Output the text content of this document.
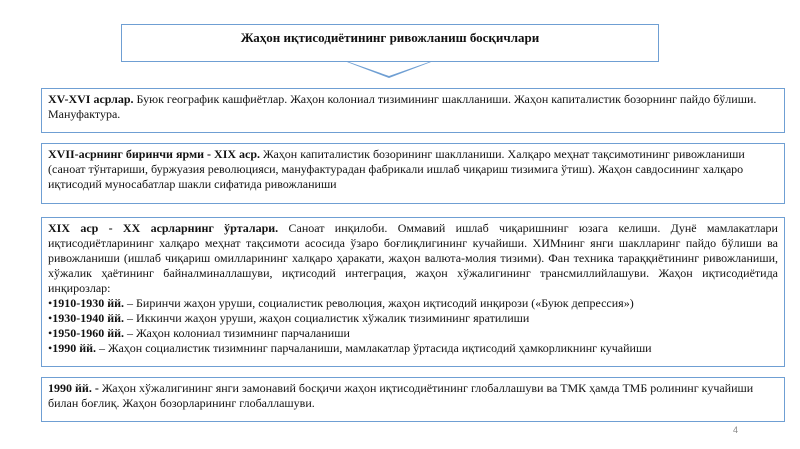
Жаҳон иқтисодиётининг ривожланиш босқичлари
XV-XVI асрлар. Буюк географик кашфиётлар. Жаҳон колониал тизимининг шаклланиши. Жаҳон капиталистик бозорнинг пайдо бўлиши. Мануфактура.
XVII-асрнинг биринчи ярми - XIX аср. Жаҳон капиталистик бозорининг шаклланиши. Халқаро меҳнат тақсимотининг ривожланиши (саноат тўнтариши, буржуазия революцияси, мануфактурадан фабрикали ишлаб чиқариш тизимига ўтиш). Жаҳон савдосининг халқаро иқтисодий муносабатлар шакли сифатида ривожланиши
XIX аср - XX асрларнинг ўрталари. Саноат инқилоби. Оммавий ишлаб чиқаришнинг юзага келиши. Дунё мамлакатлари иқтисодиётларининг халқаро меҳнат тақсимоти асосида ўзаро боғлиқлигининг кучайиши. ХИМнинг янги шаклларинг пайдо бўлиши ва ривожланиши (ишлаб чиқариш омилларининг халқаро ҳаракати, жаҳон валюта-молия тизими). Фан техника тараққиётининг ривожланиши, хўжалик ҳаётининг байналминаллашуви, иқтисодий интеграция, жаҳон хўжалигининг трансмиллийлашуви. Жаҳон иқтисодиётида инқирозлар:
•1910-1930 йй. – Биринчи жаҳон уруши, социалистик революция, жаҳон иқтисодий инқирози («Буюк депрессия»)
•1930-1940 йй. – Иккинчи жаҳон уруши, жаҳон социалистик хўжалик тизимининг яратилиши
•1950-1960 йй. – Жаҳон колониал тизимнинг парчаланиши
•1990 йй. – Жаҳон социалистик тизимнинг парчаланиши, мамлакатлар ўртасида иқтисодий ҳамкорликнинг кучайиши
1990 йй. - Жаҳон хўжалигининг янги замонавий босқичи жаҳон иқтисодиётининг глобаллашуви ва ТМК ҳамда ТМБ ролининг кучайиши билан боғлиқ. Жаҳон бозорларининг глобаллашуви.
4
